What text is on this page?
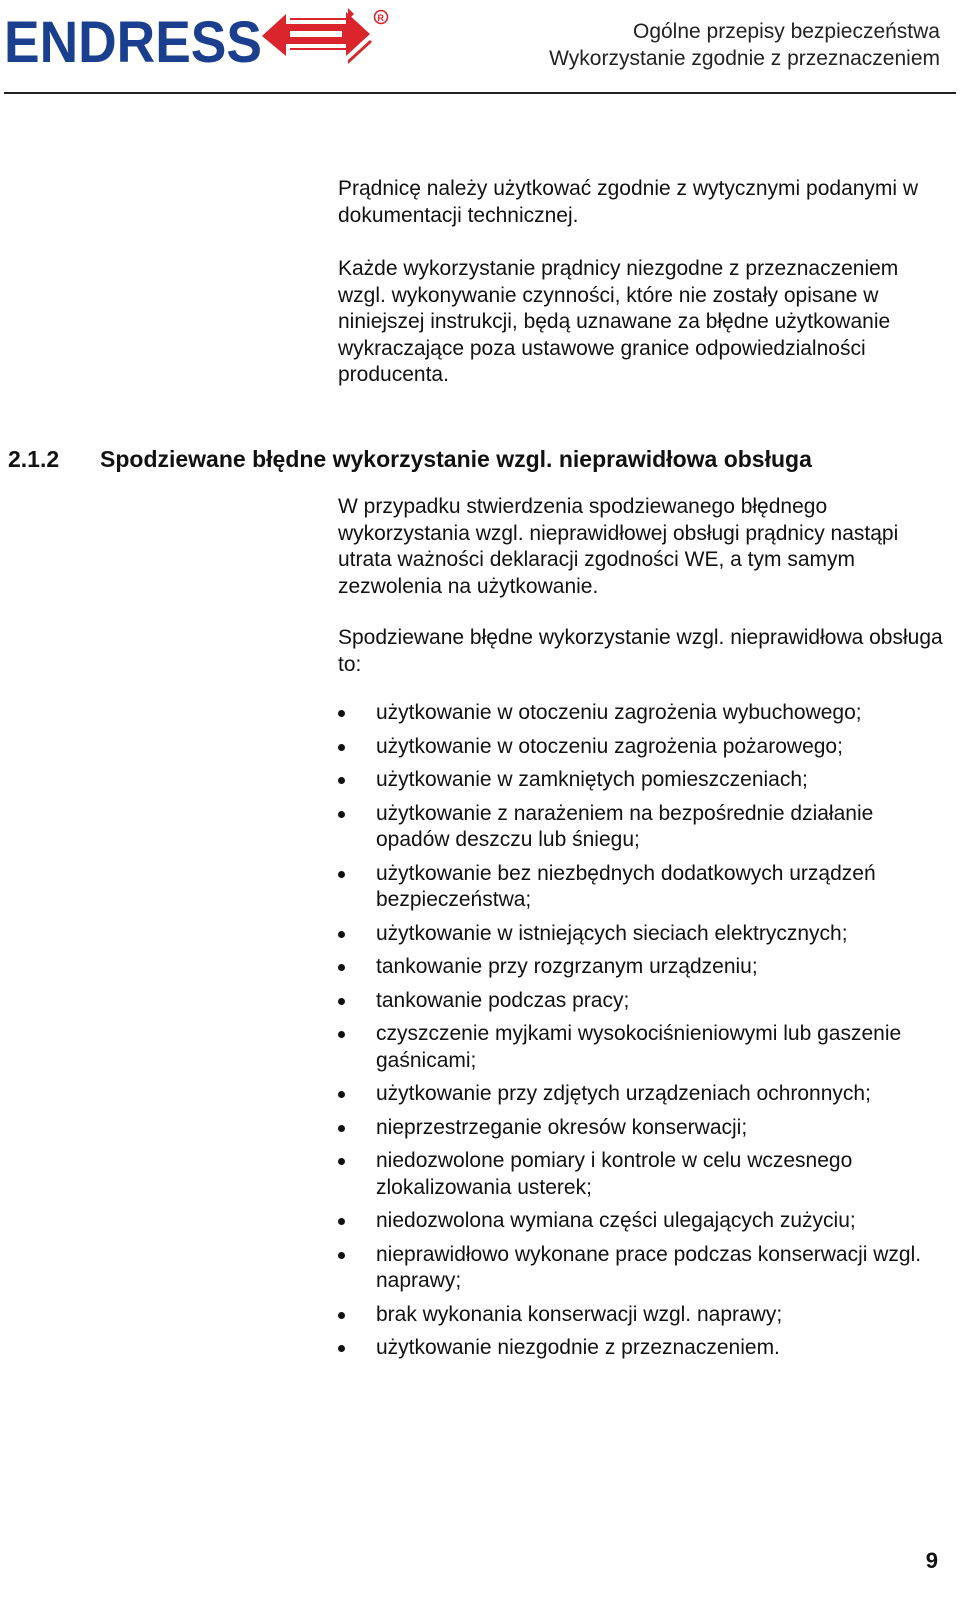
ENDRESS	R
Ogólne przepisy bezpieczeństwa
Wykorzystanie zgodnie z przeznaczeniem
Prądnicę należy użytkować zgodnie z wytycznymi podanymi w dokumentacji technicznej.
Każde wykorzystanie prądnicy niezgodne z przeznaczeniem wzgl. wykonywanie czynności, które nie zostały opisane w niniejszej instrukcji, będą uznawane za błędne użytkowanie wykraczające poza ustawowe granice odpowiedzialności producenta.
2.1.2 Spodziewane błędne wykorzystanie wzgl. nieprawidłowa obsługa
W przypadku stwierdzenia spodziewanego błędnego wykorzystania wzgl. nieprawidłowej obsługi prądnicy nastąpi utrata ważności deklaracji zgodności WE, a tym samym zezwolenia na użytkowanie.
Spodziewane błędne wykorzystanie wzgl. nieprawidłowa obsługa to:
użytkowanie w otoczeniu zagrożenia wybuchowego;
użytkowanie w otoczeniu zagrożenia pożarowego;
użytkowanie w zamkniętych pomieszczeniach;
użytkowanie z narażeniem na bezpośrednie działanie opadów deszczu lub śniegu;
użytkowanie bez niezbędnych dodatkowych urządzeń bezpieczeństwa;
użytkowanie w istniejących sieciach elektrycznych;
tankowanie przy rozgrzanym urządzeniu;
tankowanie podczas pracy;
czyszczenie myjkami wysokociśnieniowymi lub gaszenie gaśnicami;
użytkowanie przy zdjętych urządzeniach ochronnych;
nieprzestrzeganie okresów konserwacji;
niedozwolone pomiary i kontrole w celu wczesnego zlokalizowania usterek;
niedozwolona wymiana części ulegających zużyciu;
nieprawidłowo wykonane prace podczas konserwacji wzgl. naprawy;
brak wykonania konserwacji wzgl. naprawy;
użytkowanie niezgodnie z przeznaczeniem.
9
